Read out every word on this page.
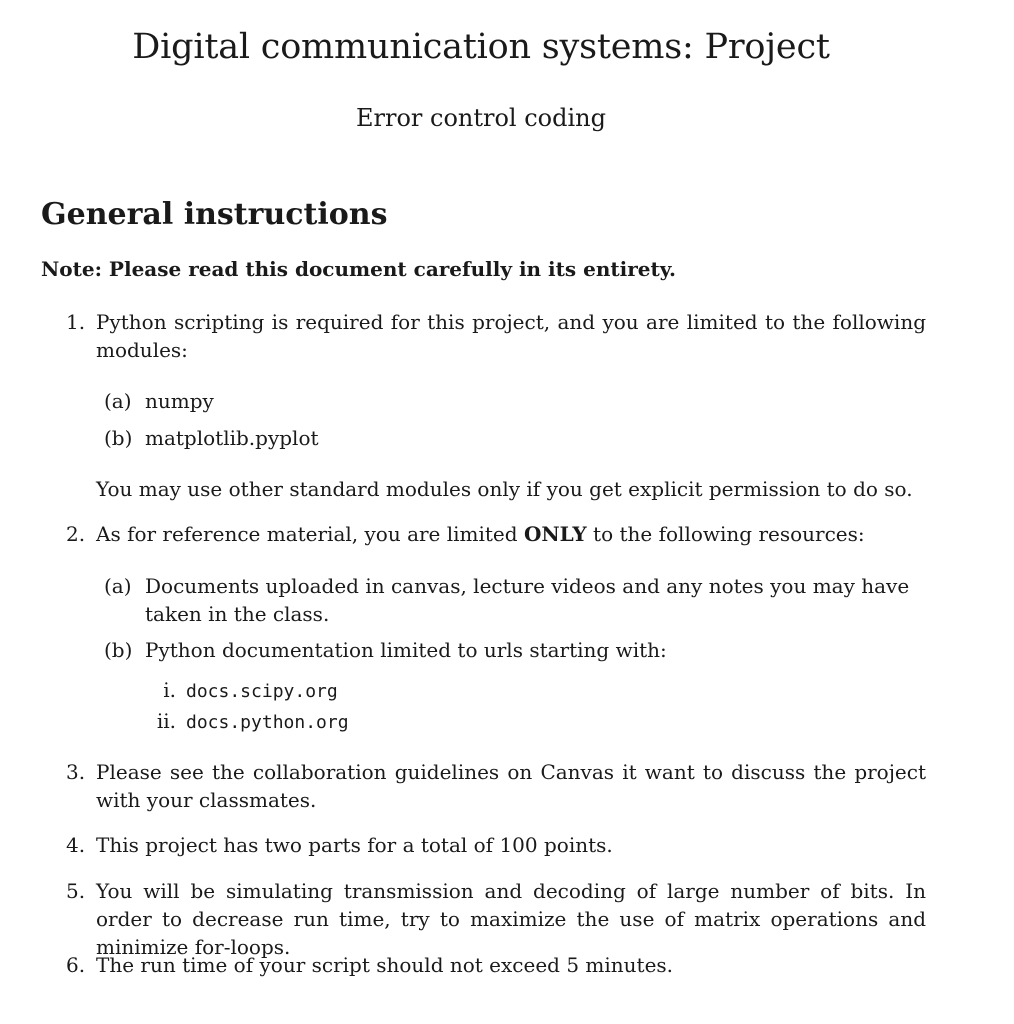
Digital communication systems: Project
Error control coding
General instructions
Note: Please read this document carefully in its entirety.
1. Python scripting is required for this project, and you are limited to the following modules:
(a) numpy
(b) matplotlib.pyplot
You may use other standard modules only if you get explicit permission to do so.
2. As for reference material, you are limited ONLY to the following resources:
(a) Documents uploaded in canvas, lecture videos and any notes you may have taken in the class.
(b) Python documentation limited to urls starting with:
i. docs.scipy.org
ii. docs.python.org
3. Please see the collaboration guidelines on Canvas it want to discuss the project with your classmates.
4. This project has two parts for a total of 100 points.
5. You will be simulating transmission and decoding of large number of bits. In order to decrease run time, try to maximize the use of matrix operations and minimize for-loops.
6. The run time of your script should not exceed 5 minutes.
